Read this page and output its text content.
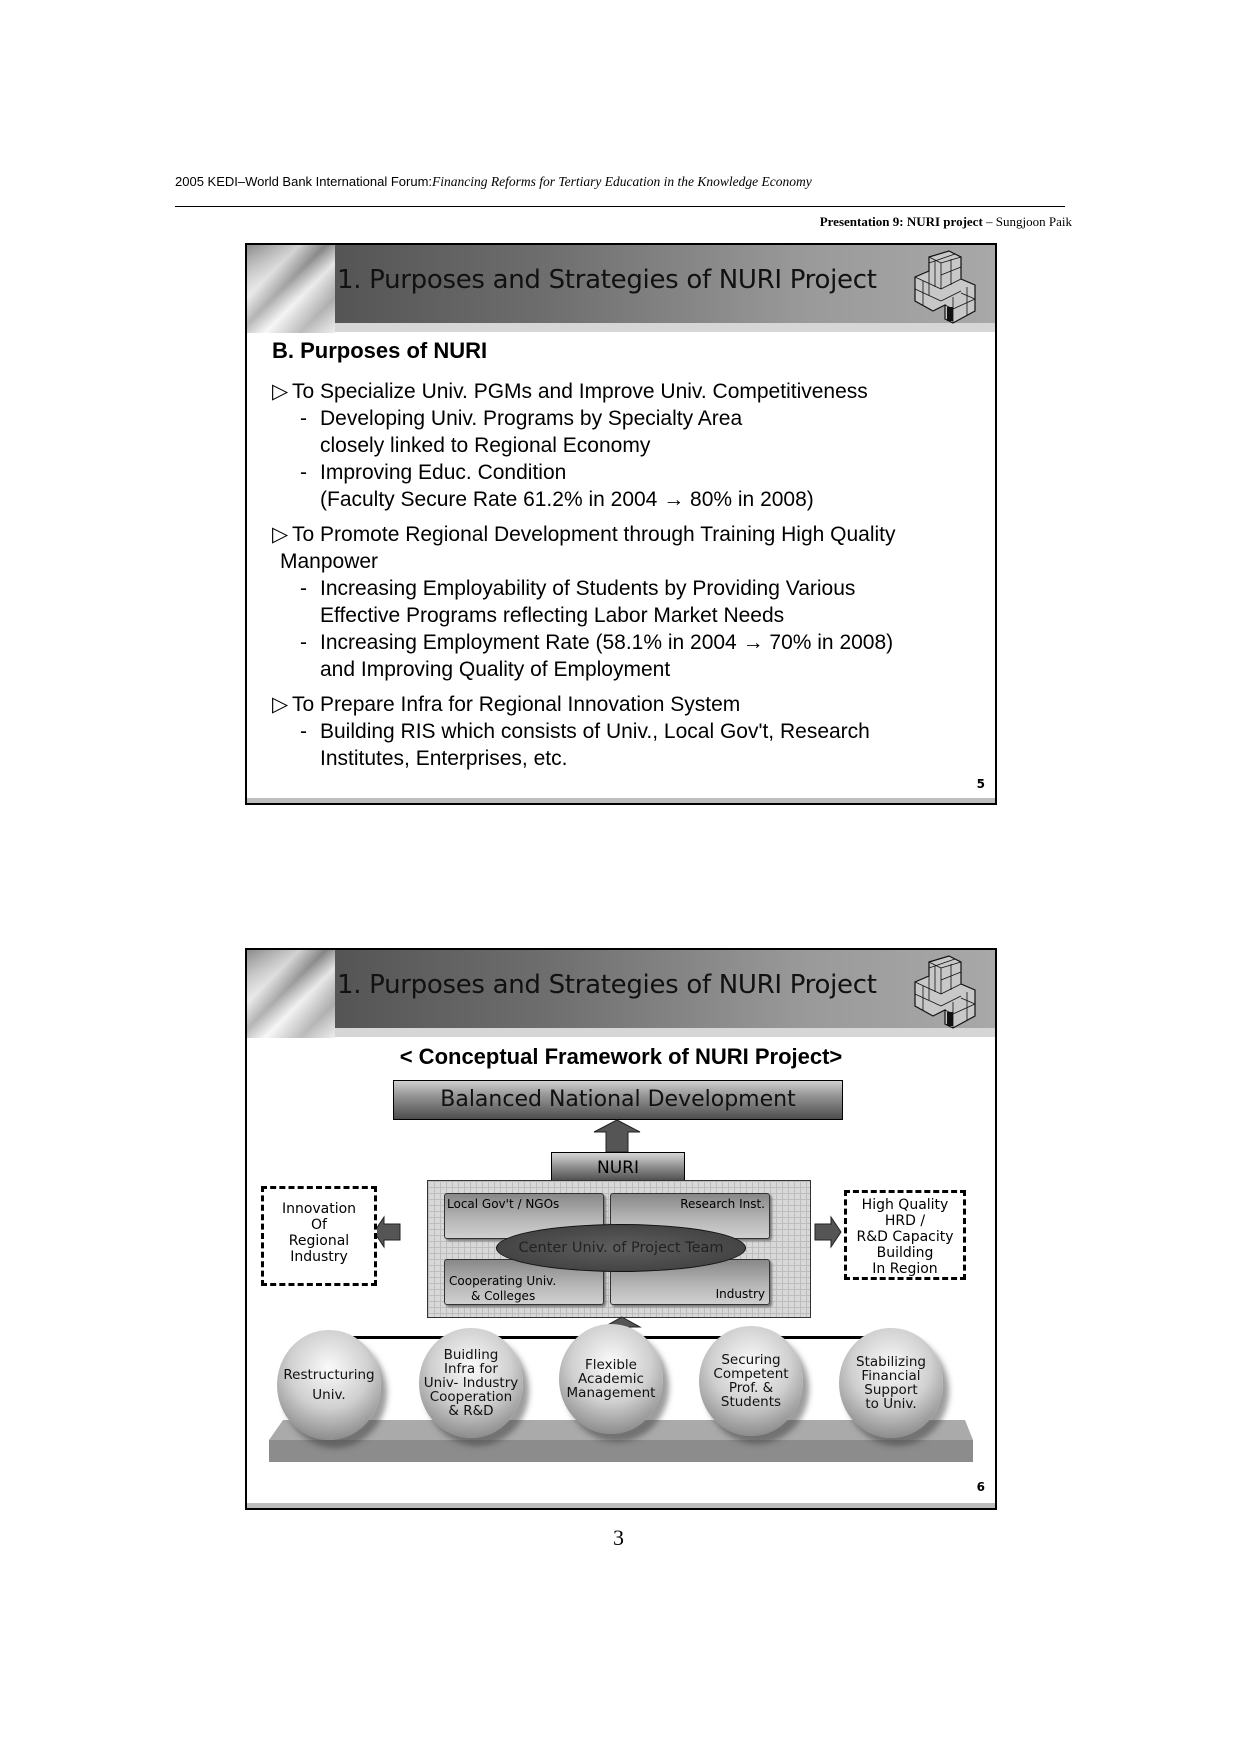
2005 KEDI–World Bank International Forum:Financing Reforms for Tertiary Education in the Knowledge Economy
Presentation 9: NURI project – Sungjoon Paik
1. Purposes and Strategies of NURI Project
B. Purposes of NURI
▷ To Specialize Univ. PGMs and Improve Univ. Competitiveness
- Developing Univ. Programs by Specialty Area
closely linked to Regional Economy
- Improving Educ. Condition
(Faculty Secure Rate 61.2% in 2004 → 80% in 2008)
▷ To Promote Regional Development through Training High Quality
Manpower
- Increasing Employability of Students by Providing Various
Effective Programs reflecting Labor Market Needs
- Increasing Employment Rate (58.1% in 2004 → 70% in 2008)
and Improving Quality of Employment
▷ To Prepare Infra for Regional Innovation System
- Building RIS which consists of Univ., Local Gov't, Research
Institutes, Enterprises, etc.
5
1. Purposes and Strategies of NURI Project
< Conceptual Framework of NURI Project>
Balanced National Development
NURI
Local Gov't / NGOs	Research Inst.
Cooperating Univ.
& Colleges	Industry
Center Univ. of Project Team
Innovation
Of
Regional
Industry
High Quality
HRD /
R&D Capacity
Building
In Region
Restructuring
Univ.
Buidling
Infra for
Univ- Industry
Cooperation
& R&D
Flexible
Academic
Management
Securing
Competent
Prof. &
Students
Stabilizing
Financial
Support
to Univ.
6
3
